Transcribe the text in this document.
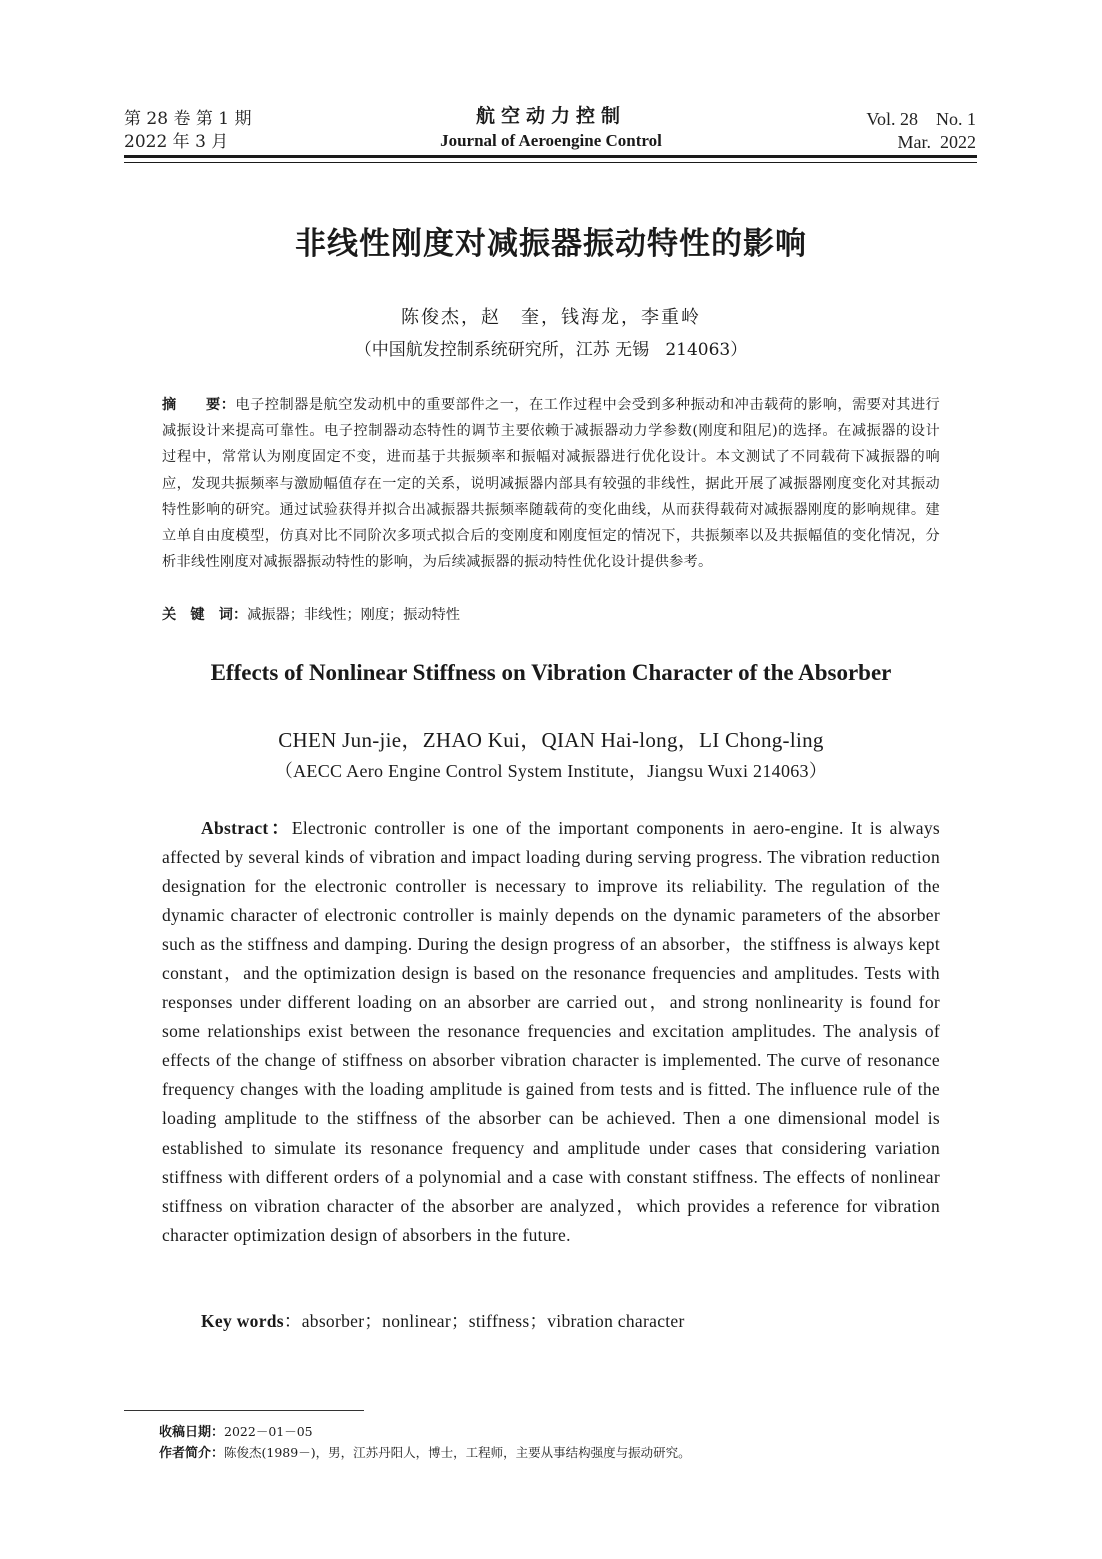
第 28 卷 第 1 期
2022 年 3 月
航空动力控制
Journal of Aeroengine Control
Vol. 28    No. 1
Mar.  2022
非线性刚度对减振器振动特性的影响
陈俊杰，赵　奎，钱海龙，李重岭
（中国航发控制系统研究所，江苏 无锡   214063）
摘　　要：电子控制器是航空发动机中的重要部件之一，在工作过程中会受到多种振动和冲击载荷的影响，需要对其进行减振设计来提高可靠性。电子控制器动态特性的调节主要依赖于减振器动力学参数(刚度和阻尼)的选择。在减振器的设计过程中，常常认为刚度固定不变，进而基于共振频率和振幅对减振器进行优化设计。本文测试了不同载荷下减振器的响应，发现共振频率与激励幅值存在一定的关系，说明减振器内部具有较强的非线性，据此开展了减振器刚度变化对其振动特性影响的研究。通过试验获得并拟合出减振器共振频率随载荷的变化曲线，从而获得载荷对减振器刚度的影响规律。建立单自由度模型，仿真对比不同阶次多项式拟合后的变刚度和刚度恒定的情况下，共振频率以及共振幅值的变化情况，分析非线性刚度对减振器振动特性的影响，为后续减振器的振动特性优化设计提供参考。
关　键　词：减振器；非线性；刚度；振动特性
Effects of Nonlinear Stiffness on Vibration Character of the Absorber
CHEN Jun-jie，ZHAO Kui，QIAN Hai-long，LI Chong-ling
（AECC Aero Engine Control System Institute，Jiangsu Wuxi 214063）
Abstract：Electronic controller is one of the important components in aero-engine. It is always affected by several kinds of vibration and impact loading during serving progress. The vibration reduction designation for the electronic controller is necessary to improve its reliability. The regulation of the dynamic character of electronic controller is mainly depends on the dynamic parameters of the absorber such as the stiffness and damping. During the design progress of an absorber，the stiffness is always kept constant，and the optimization design is based on the resonance frequencies and amplitudes. Tests with responses under different loading on an absorber are carried out，and strong nonlinearity is found for some relationships exist between the resonance frequencies and excitation amplitudes. The analysis of effects of the change of stiffness on absorber vibration character is implemented. The curve of resonance frequency changes with the loading amplitude is gained from tests and is fitted. The influence rule of the loading amplitude to the stiffness of the absorber can be achieved. Then a one dimensional model is established to simulate its resonance frequency and amplitude under cases that considering variation stiffness with different orders of a polynomial and a case with constant stiffness. The effects of nonlinear stiffness on vibration character of the absorber are analyzed，which provides a reference for vibration character optimization design of absorbers in the future.
Key words：absorber；nonlinear；stiffness；vibration character
收稿日期：2022－01－05
作者简介：陈俊杰(1989－)，男，江苏丹阳人，博士，工程师，主要从事结构强度与振动研究。
